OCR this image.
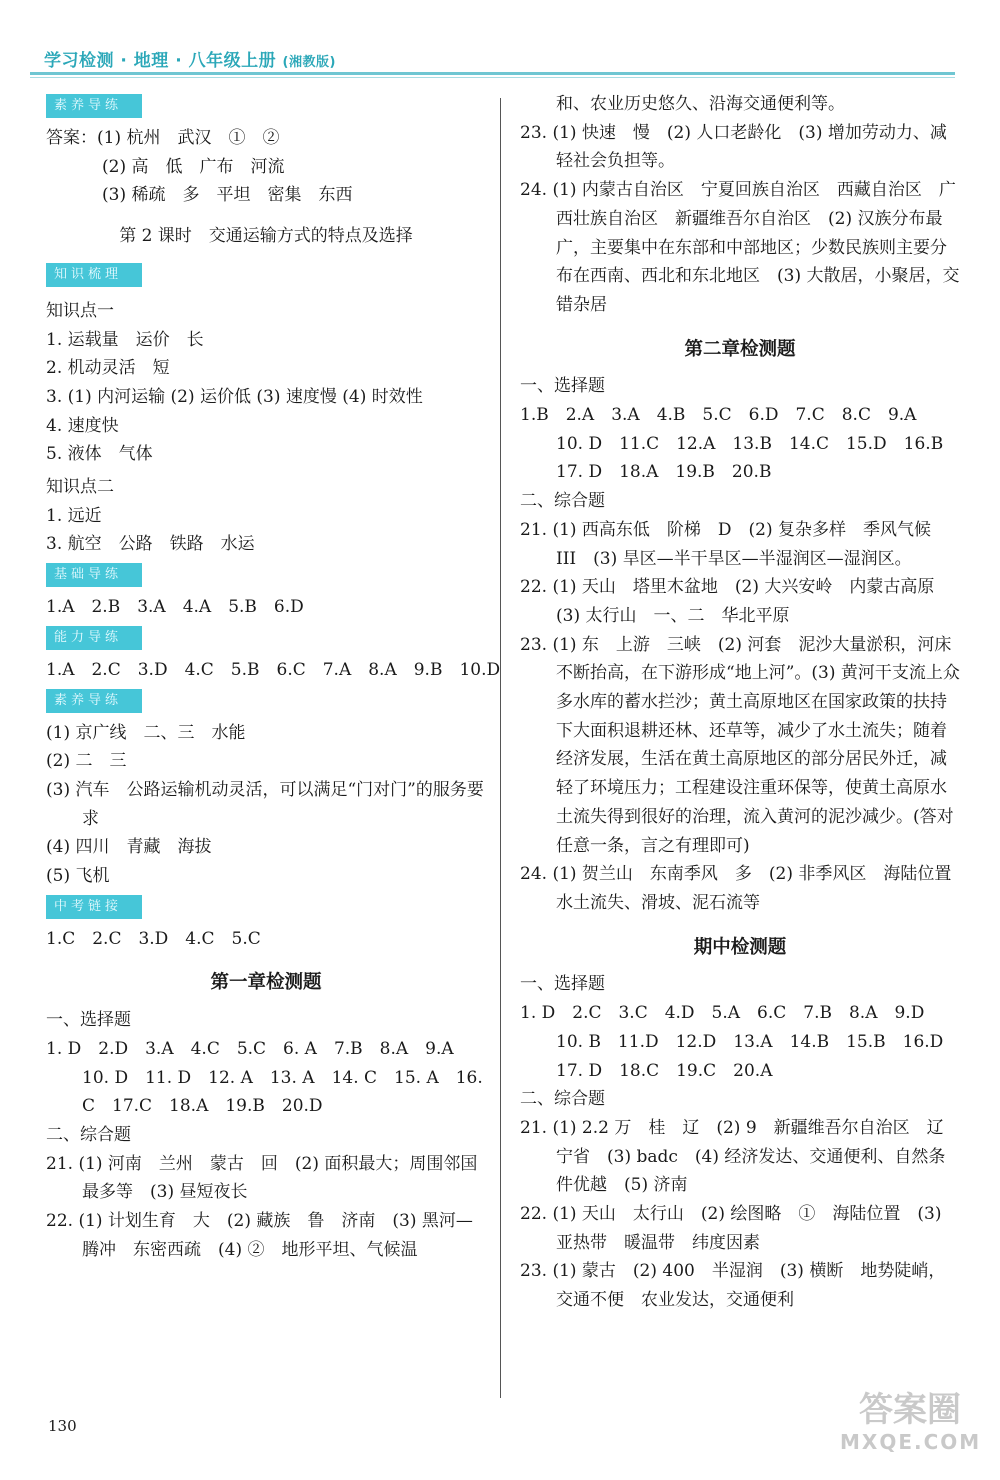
学习检测 · 地理 · 八年级上册 (湘教版)
素养导练
答案：(1) 杭州　武汉　①　②
(2) 高　低　广布　河流
(3) 稀疏　多　平坦　密集　东西
第 2 课时　交通运输方式的特点及选择
知识梳理
知识点一
1. 运载量　运价　长
2. 机动灵活　短
3. (1) 内河运输 (2) 运价低 (3) 速度慢 (4) 时效性
4. 速度快
5. 液体　气体
知识点二
1. 远近
3. 航空　公路　铁路　水运
基础导练
1.A　2.B　3.A　4.A　5.B　6.D
能力导练
1.A　2.C　3.D　4.C　5.B　6.C　7.A　8.A　9.B　10.D
素养导练
(1) 京广线　二、三　水能
(2) 二　三
(3) 汽车　公路运输机动灵活，可以满足“门对门”的服务要求
(4) 四川　青藏　海拔
(5) 飞机
中考链接
1.C　2.C　3.D　4.C　5.C
第一章检测题
一、选择题
1. D　2.D　3.A　4.C　5.C　6. A　7.B　8.A　9.A　10. D　11. D　12. A　13. A　14. C　15. A　16. C　17.C　18.A　19.B　20.D
二、综合题
21. (1) 河南　兰州　蒙古　回　(2) 面积最大；周围邻国最多等　(3) 昼短夜长
22. (1) 计划生育　大　(2) 藏族　鲁　济南　(3) 黑河—腾冲　东密西疏　(4) ②　地形平坦、气候温
和、农业历史悠久、沿海交通便利等。
23. (1) 快速　慢　(2) 人口老龄化　(3) 增加劳动力、减轻社会负担等。
24. (1) 内蒙古自治区　宁夏回族自治区　西藏自治区　广西壮族自治区　新疆维吾尔自治区　(2) 汉族分布最广，主要集中在东部和中部地区；少数民族则主要分布在西南、西北和东北地区　(3) 大散居，小聚居，交错杂居
第二章检测题
一、选择题
1.B　2.A　3.A　4.B　5.C　6.D　7.C　8.C　9.A　10. D　11.C　12.A　13.B　14.C　15.D　16.B　17. D　18.A　19.B　20.B
二、综合题
21. (1) 西高东低　阶梯　D　(2) 复杂多样　季风气候　III　(3) 旱区—半干旱区—半湿润区—湿润区。
22. (1) 天山　塔里木盆地　(2) 大兴安岭　内蒙古高原　(3) 太行山　一、二　华北平原
23. (1) 东　上游　三峡　(2) 河套　泥沙大量淤积，河床不断抬高，在下游形成“地上河”。(3) 黄河干支流上众多水库的蓄水拦沙；黄土高原地区在国家政策的扶持下大面积退耕还林、还草等，减少了水土流失；随着经济发展，生活在黄土高原地区的部分居民外迁，减轻了环境压力；工程建设注重环保等，使黄土高原水土流失得到很好的治理，流入黄河的泥沙减少。(答对任意一条，言之有理即可)
24. (1) 贺兰山　东南季风　多　(2) 非季风区　海陆位置　水土流失、滑坡、泥石流等
期中检测题
一、选择题
1. D　2.C　3.C　4.D　5.A　6.C　7.B　8.A　9.D　10. B　11.D　12.D　13.A　14.B　15.B　16.D　17. D　18.C　19.C　20.A
二、综合题
21. (1) 2.2 万　桂　辽　(2) 9　新疆维吾尔自治区　辽宁省　(3) badc　(4) 经济发达、交通便利、自然条件优越　(5) 济南
22. (1) 天山　太行山　(2) 绘图略　①　海陆位置　(3) 亚热带　暖温带　纬度因素
23. (1) 蒙古　(2) 400　半湿润　(3) 横断　地势陡峭，交通不便　农业发达，交通便利
130	答案圈
MXQE.COM
